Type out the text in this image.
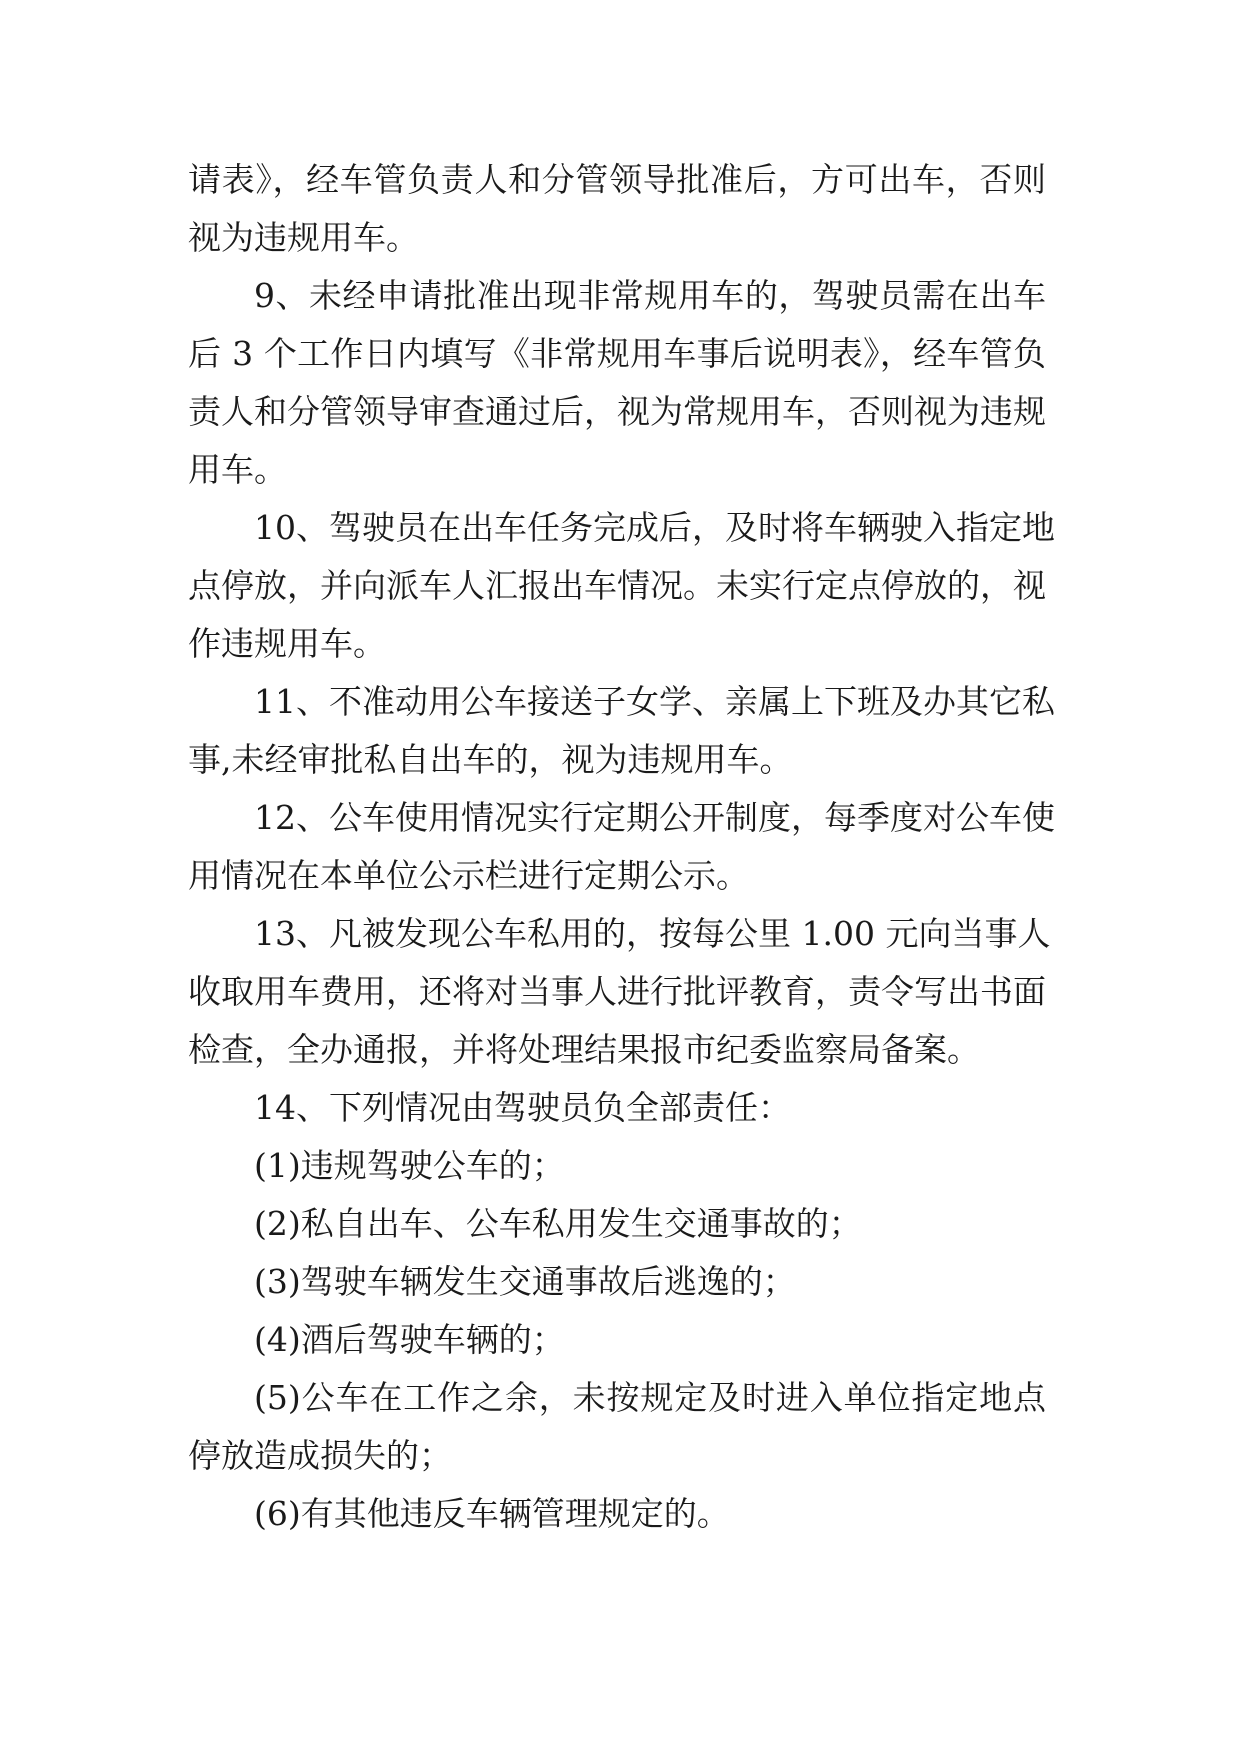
请表》，经车管负责人和分管领导批准后，方可出车，否则

视为违规用车。

9、未经申请批准出现非常规用车的，驾驶员需在出车

后 3 个工作日内填写《非常规用车事后说明表》，经车管负

责人和分管领导审查通过后，视为常规用车，否则视为违规

用车。

10、驾驶员在出车任务完成后，及时将车辆驶入指定地

点停放，并向派车人汇报出车情况。未实行定点停放的，视

作违规用车。

11、不准动用公车接送子女学、亲属上下班及办其它私

事,未经审批私自出车的，视为违规用车。

12、公车使用情况实行定期公开制度，每季度对公车使

用情况在本单位公示栏进行定期公示。

13、凡被发现公车私用的，按每公里 1.00 元向当事人

收取用车费用，还将对当事人进行批评教育，责令写出书面

检查，全办通报，并将处理结果报市纪委监察局备案。

14、下列情况由驾驶员负全部责任：

(1)违规驾驶公车的；

(2)私自出车、公车私用发生交通事故的；

(3)驾驶车辆发生交通事故后逃逸的；

(4)酒后驾驶车辆的；

(5)公车在工作之余，未按规定及时进入单位指定地点

停放造成损失的；

(6)有其他违反车辆管理规定的。
